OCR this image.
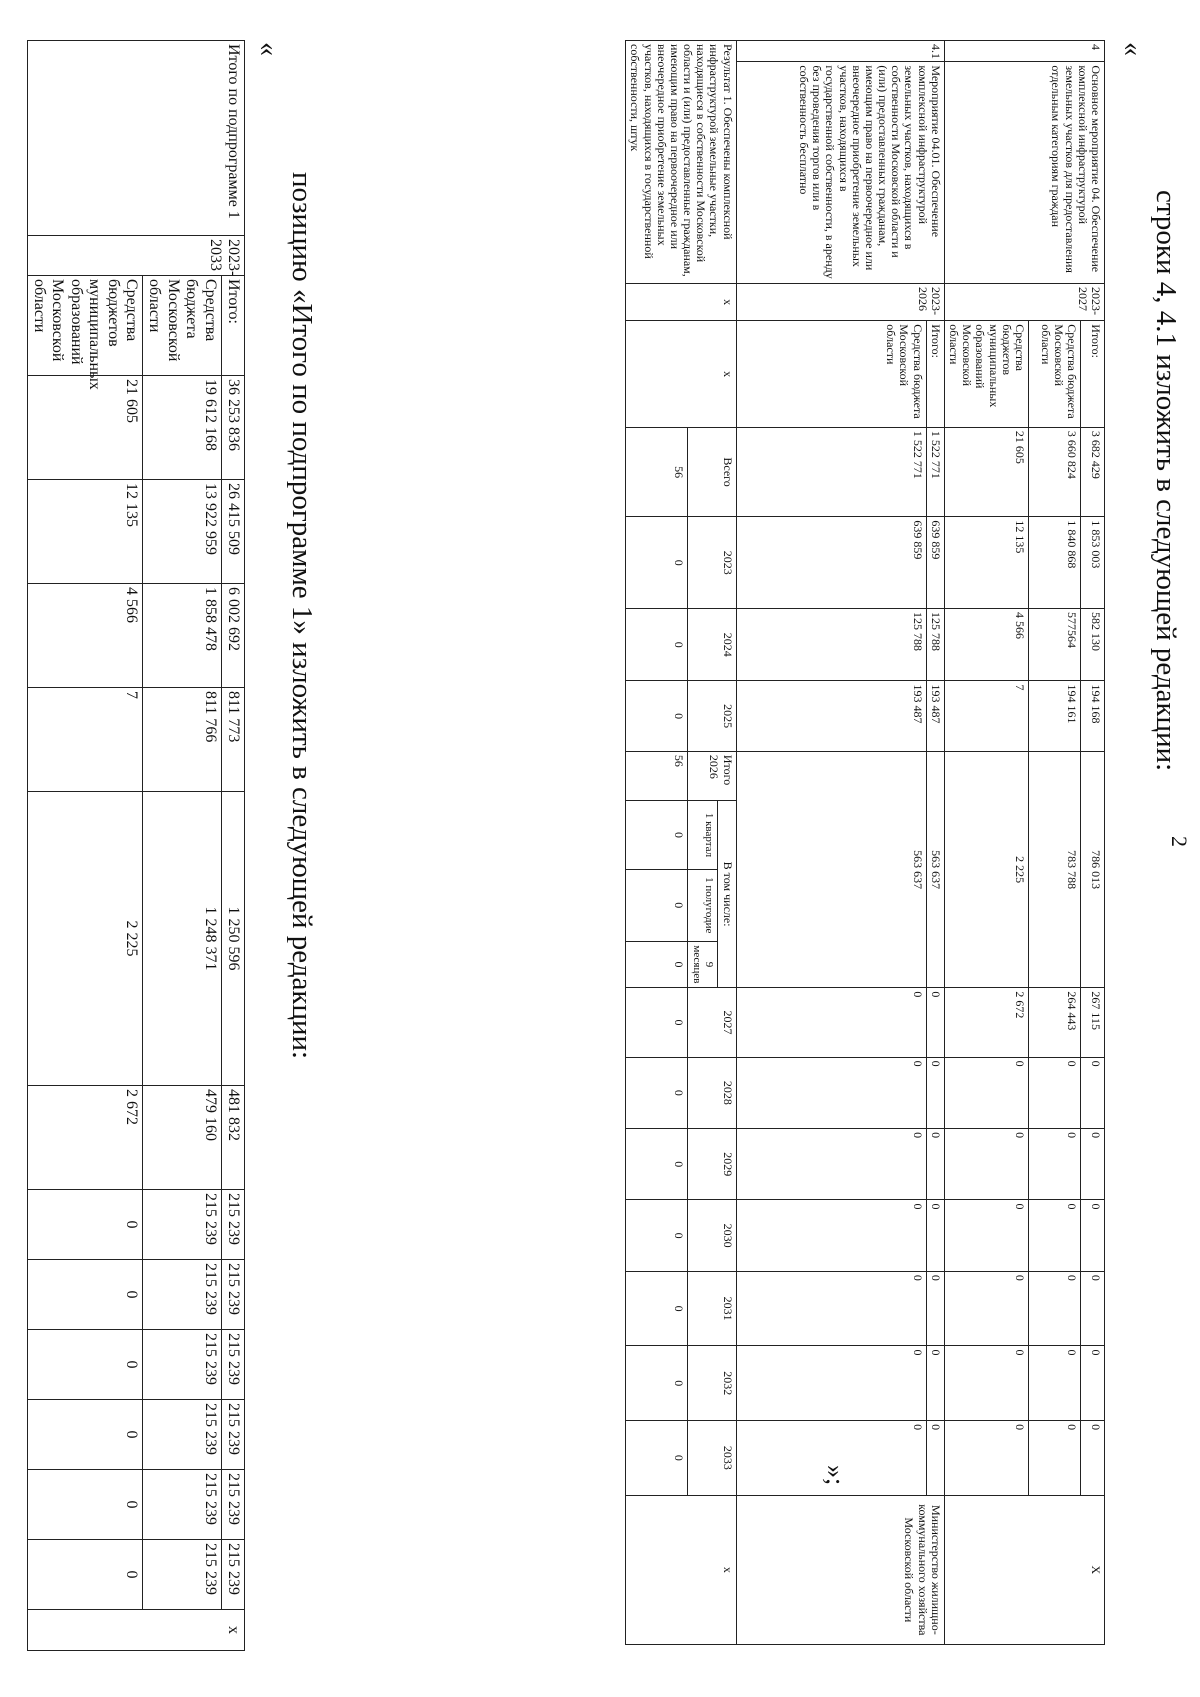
2
строки 4, 4.1 изложить в следующей редакции:
«
4	Основное мероприятие 04. Обеспечение комплексной инфраструктурой земельных участков для предоставления отдельным категориям граждан	2023-2027	Итого:	3 682 429	1 853 003	582 130	194 168	786 013				267 115	0	0	0	0	0	0	X
			Средства бюджета Московской области	3 660 824	1 840 868	577564	194 161	783 788				264 443	0	0	0	0	0	0	
			Средства бюджетов муниципальных образований Московской области	21 605	12 135	4 566	7	2 225				2 672	0	0	0	0	0	0	
4.1	Мероприятие 04.01. Обеспечение комплексной инфраструктурой земельных участков, находящихся в собственности Московской области и (или) предоставленных гражданам, имеющим право на первоочередное или внеочередное приобретение земельных участков, находящихся в государственной собственности, в аренду без проведения торгов или в собственность бесплатно	2023-2026	Итого:	1 522 771	639 859	125 788	193 487	563 637				0	0	0	0	0	0	0	Министерство жилищно-коммунального хозяйства Московской области
			Средства бюджета Московской области	1 522 771	639 859	125 788	193 487	563 637				0	0	0	0	0	0	0	
Результат 1. Обеспечены комплексной инфраструктурой земельные участки, находящиеся в собственности Московской области и (или) предоставленные гражданам, имеющим право на первоочередное или внеочередное приобретение земельных участков, находящихся в государственной собственности, штук		x	x	Всего	2023	2024	2025	Итого 2026	В том числе:			2027	2028	2029	2030	2031	2032	2033	x
									1 квартал	1 полугодие	9 месяцев							
				56	0	0	0	56	0	0	0	0	0	0	0	0	0	0	
»;
позицию «Итого по подпрограмме 1» изложить в следующей редакции:
«
Итого по подпрограмме 1	2023-2033	Итого:	36 253 836	26 415 509	6 002 692	811 773	1 250 596	481 832	215 239	215 239	215 239	215 239	215 239	215 239	x
		Средства бюджета Московской области	19 612 168	13 922 959	1 858 478	811 766	1 248 371	479 160	215 239	215 239	215 239	215 239	215 239	215 239	
		Средства бюджетов муниципальных образований Московской области	21 605	12 135	4 566	7	2 225	2 672	0	0	0	0	0	0	
